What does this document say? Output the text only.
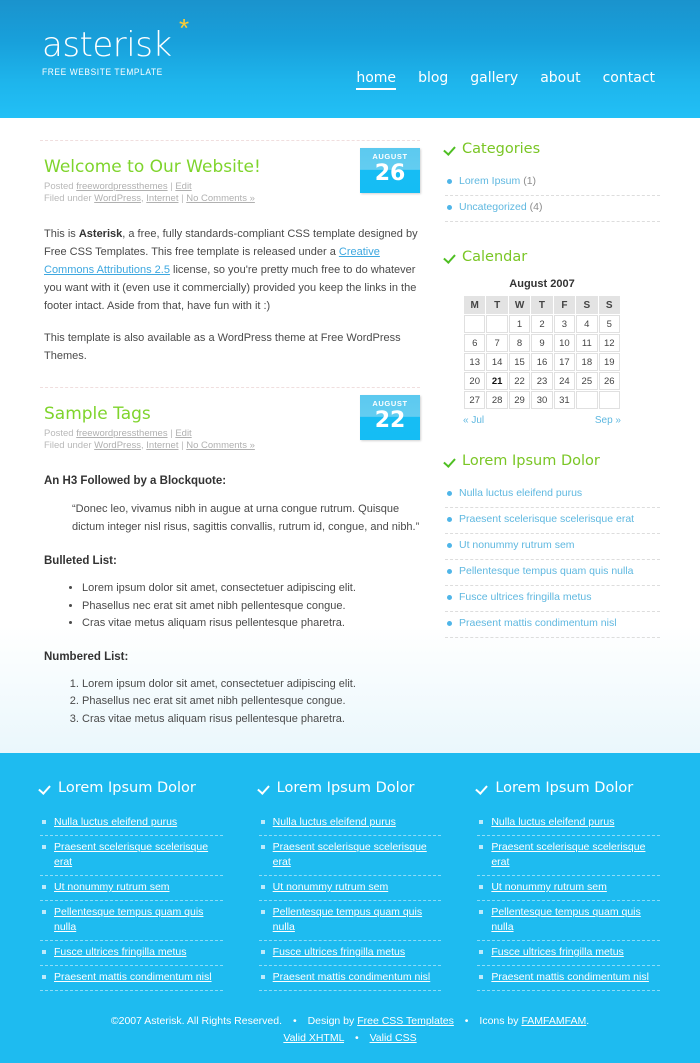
asterisk *
FREE WEBSITE TEMPLATE	home blog gallery about contact
AUGUST
26
Welcome to Our Website!
Posted freewordpressthemes | Edit
Filed under WordPress, Internet | No Comments »

This is Asterisk, a free, fully standards-compliant CSS template designed by Free CSS Templates. This free template is released under a Creative Commons Attributions 2.5 license, so you're pretty much free to do whatever you want with it (even use it commercially) provided you keep the links in the footer intact. Aside from that, have fun with it :)

This template is also available as a WordPress theme at Free WordPress Themes.

AUGUST
22
Sample Tags
Posted freewordpressthemes | Edit
Filed under WordPress, Internet | No Comments »
An H3 Followed by a Blockquote:
“Donec leo, vivamus nibh in augue at urna congue rutrum. Quisque dictum integer nisl risus, sagittis convallis, rutrum id, congue, and nibh.”
Bulleted List:
• Lorem ipsum dolor sit amet, consectetuer adipiscing elit.
• Phasellus nec erat sit amet nibh pellentesque congue.
• Cras vitae metus aliquam risus pellentesque pharetra.
Numbered List:
1. Lorem ipsum dolor sit amet, consectetuer adipiscing elit.
2. Phasellus nec erat sit amet nibh pellentesque congue.
3. Cras vitae metus aliquam risus pellentesque pharetra.
Categories
Lorem Ipsum (1)
Uncategorized (4)
Calendar
August 2007
M	T	W	T	F	S	S
		1	2	3	4	5
6	7	8	9	10	11	12
13	14	15	16	17	18	19
20	21	22	23	24	25	26
27	28	29	30	31		
« Jul	Sep »
Lorem Ipsum Dolor
Nulla luctus eleifend purus
Praesent scelerisque scelerisque erat
Ut nonummy rutrum sem
Pellentesque tempus quam quis nulla
Fusce ultrices fringilla metus
Praesent mattis condimentum nisl
Lorem Ipsum Dolor
Nulla luctus eleifend purus
Praesent scelerisque scelerisque erat
Ut nonummy rutrum sem
Pellentesque tempus quam quis nulla
Fusce ultrices fringilla metus
Praesent mattis condimentum nisl
Lorem Ipsum Dolor
Nulla luctus eleifend purus
Praesent scelerisque scelerisque erat
Ut nonummy rutrum sem
Pellentesque tempus quam quis nulla
Fusce ultrices fringilla metus
Praesent mattis condimentum nisl
Lorem Ipsum Dolor
Nulla luctus eleifend purus
Praesent scelerisque scelerisque erat
Ut nonummy rutrum sem
Pellentesque tempus quam quis nulla
Fusce ultrices fringilla metus
Praesent mattis condimentum nisl
©2007 Asterisk. All Rights Reserved. • Design by Free CSS Templates • Icons by FAMFAMFAM.
Valid XHTML • Valid CSS
